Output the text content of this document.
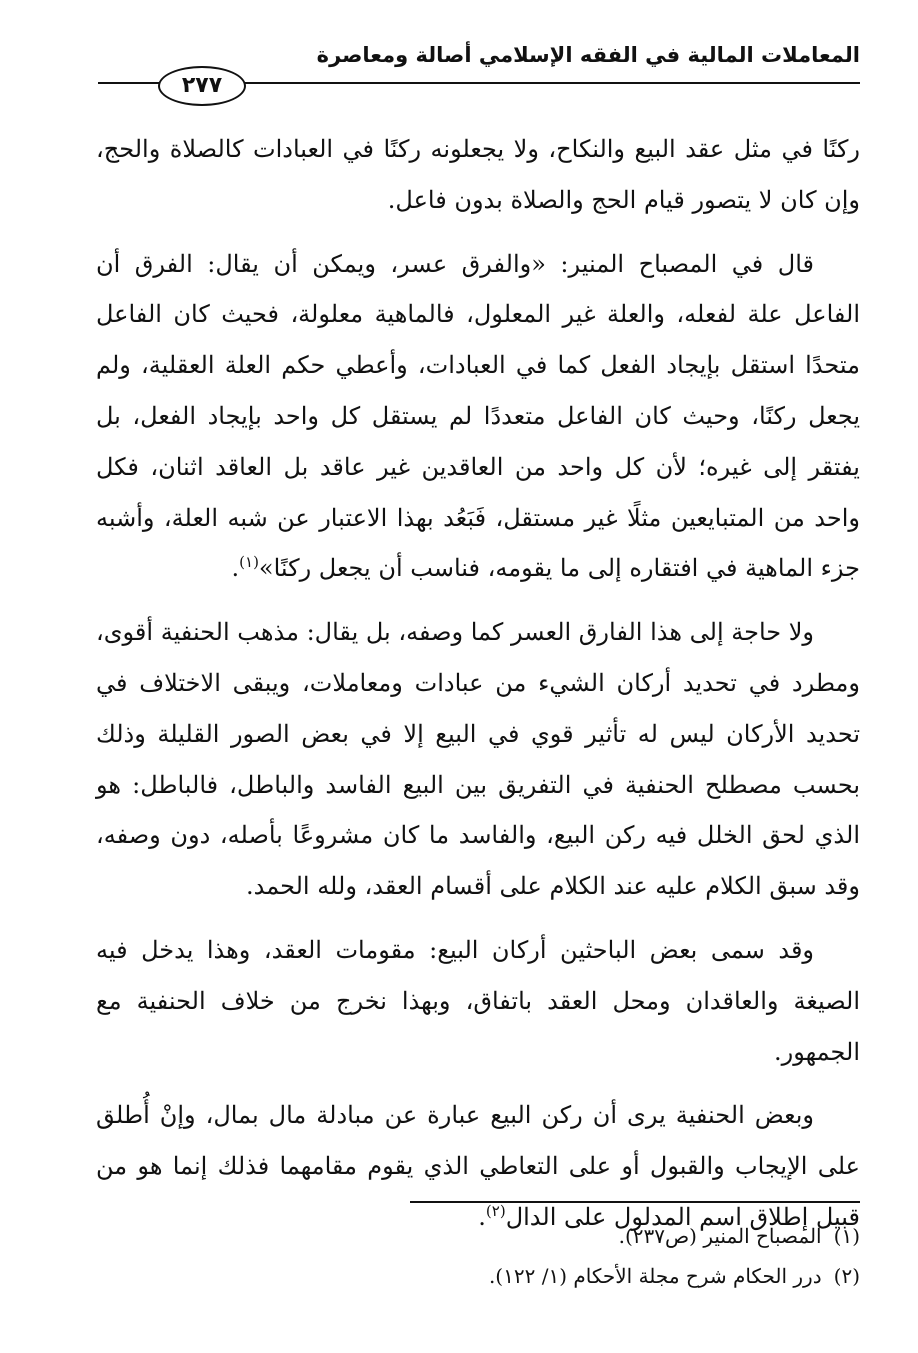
المعاملات المالية في الفقه الإسلامي أصالة ومعاصرة
٢٧٧

ركنًا في مثل عقد البيع والنكاح، ولا يجعلونه ركنًا في العبادات كالصلاة والحج، وإن كان لا يتصور قيام الحج والصلاة بدون فاعل.

قال في المصباح المنير: «والفرق عسر، ويمكن أن يقال: الفرق أن الفاعل علة لفعله، والعلة غير المعلول، فالماهية معلولة، فحيث كان الفاعل متحدًا استقل بإيجاد الفعل كما في العبادات، وأعطي حكم العلة العقلية، ولم يجعل ركنًا، وحيث كان الفاعل متعددًا لم يستقل كل واحد بإيجاد الفعل، بل يفتقر إلى غيره؛ لأن كل واحد من العاقدين غير عاقد بل العاقد اثنان، فكل واحد من المتبايعين مثلًا غير مستقل، فَبَعُد بهذا الاعتبار عن شبه العلة، وأشبه جزء الماهية في افتقاره إلى ما يقومه، فناسب أن يجعل ركنًا»$^{(١)}$.

ولا حاجة إلى هذا الفارق العسر كما وصفه، بل يقال: مذهب الحنفية أقوى، ومطرد في تحديد أركان الشيء من عبادات ومعاملات، ويبقى الاختلاف في تحديد الأركان ليس له تأثير قوي في البيع إلا في بعض الصور القليلة وذلك بحسب مصطلح الحنفية في التفريق بين البيع الفاسد والباطل، فالباطل: هو الذي لحق الخلل فيه ركن البيع، والفاسد ما كان مشروعًا بأصله، دون وصفه، وقد سبق الكلام عليه عند الكلام على أقسام العقد، ولله الحمد.

وقد سمى بعض الباحثين أركان البيع: مقومات العقد، وهذا يدخل فيه الصيغة والعاقدان ومحل العقد باتفاق، وبهذا نخرج من خلاف الحنفية مع الجمهور.

وبعض الحنفية يرى أن ركن البيع عبارة عن مبادلة مال بمال، وإنْ أُطلق على الإيجاب والقبول أو على التعاطي الذي يقوم مقامهما فذلك إنما هو من قبيل إطلاق اسم المدلول على الدال$^{(٢)}$.

(١)المصباح المنير (ص٢٣٧).
(٢)درر الحكام شرح مجلة الأحكام (١/ ١٢٢).
